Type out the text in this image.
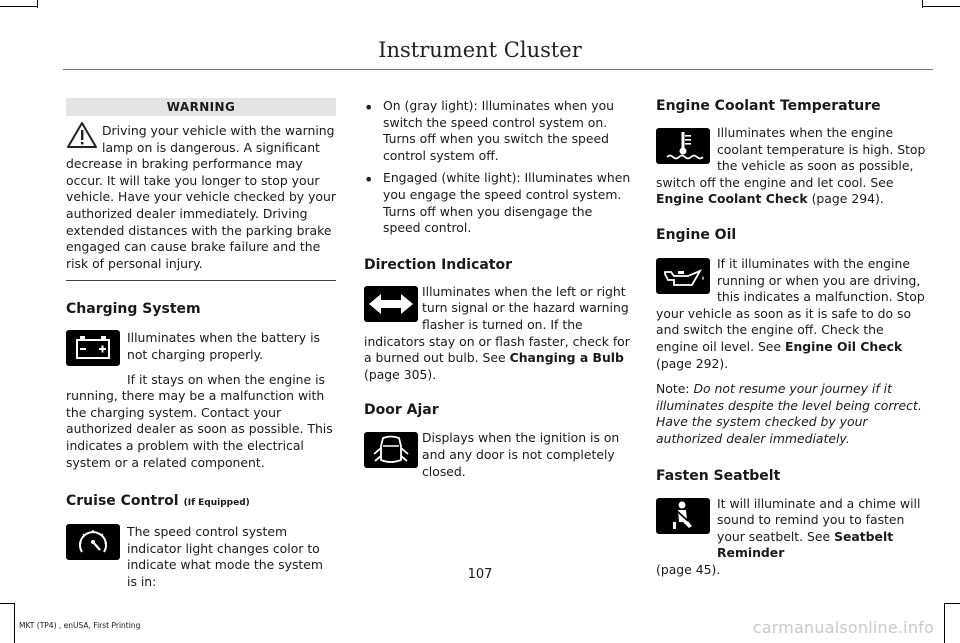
Instrument Cluster
WARNING

Driving your vehicle with the warning lamp on is dangerous. A significant

decrease in braking performance may occur. It will take you longer to stop your vehicle. Have your vehicle checked by your authorized dealer immediately. Driving extended distances with the parking brake engaged can cause brake failure and the risk of personal injury.

Charging System

Illuminates when the battery is not charging properly.

If it stays on when the engine is

running, there may be a malfunction with the charging system. Contact your authorized dealer as soon as possible. This indicates a problem with the electrical system or a related component.

Cruise Control (If Equipped)

The speed control system indicator light changes color to indicate what mode the system is in:

• On (gray light): Illuminates when you switch the speed control system on. Turns off when you switch the speed control system off.

• Engaged (white light): Illuminates when you engage the speed control system. Turns off when you disengage the speed control.

Direction Indicator

Illuminates when the left or right turn signal or the hazard warning flasher is turned on. If the

indicators stay on or flash faster, check for a burned out bulb. See Changing a Bulb
(page 305).

Door Ajar

Displays when the ignition is on and any door is not completely closed.

Engine Coolant Temperature

Illuminates when the engine coolant temperature is high. Stop the vehicle as soon as possible,

switch off the engine and let cool. See
Engine Coolant Check (page 294).

Engine Oil

If it illuminates with the engine running or when you are driving, this indicates a malfunction. Stop

your vehicle as soon as it is safe to do so and switch the engine off. Check the engine oil level. See Engine Oil Check (page 292).

Note: Do not resume your journey if it illuminates despite the level being correct. Have the system checked by your authorized dealer immediately.

Fasten Seatbelt

It will illuminate and a chime will sound to remind you to fasten your seatbelt. See Seatbelt Reminder

(page 45).

107
MKT (TP4) , enUSA, First Printing	carmanualsonline.info
